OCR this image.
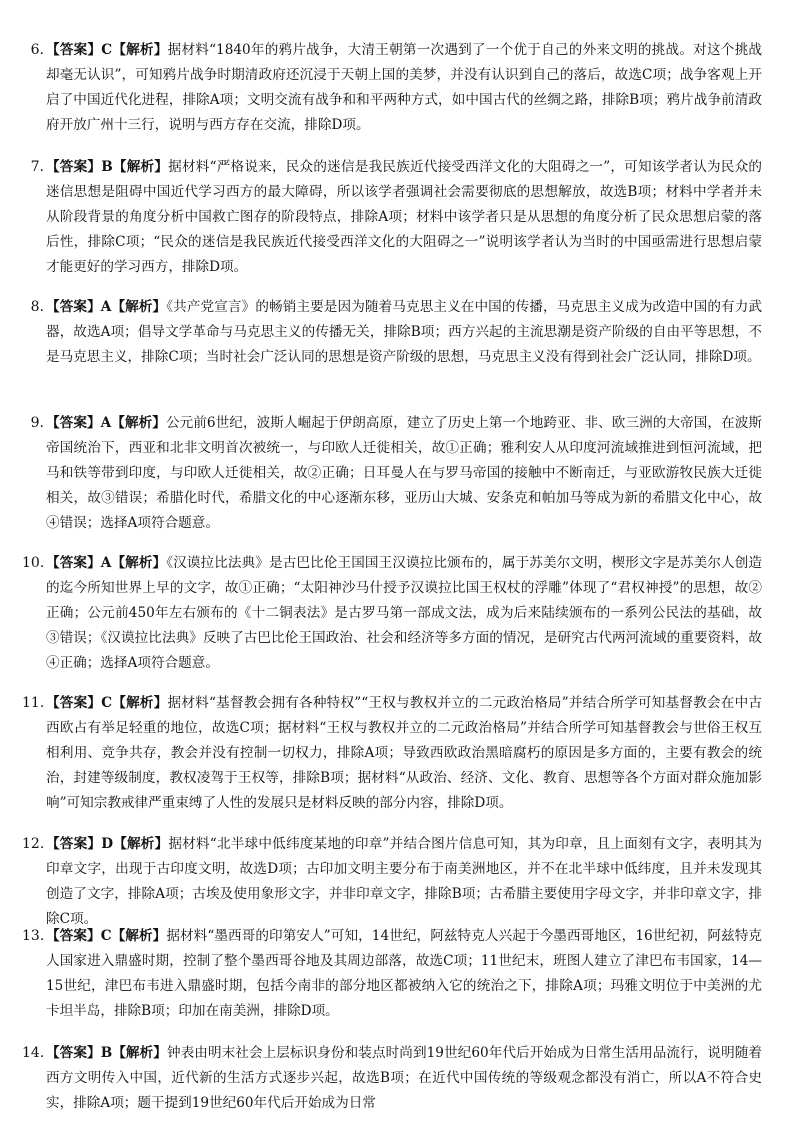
6. 【答案】C【解析】据材料“1840年的鸦片战争，大清王朝第一次遇到了一个优于自己的外来文明的挑战。对这个挑战却毫无认识”，可知鸦片战争时期清政府还沉浸于天朝上国的美梦，并没有认识到自己的落后，故选C项；战争客观上开启了中国近代化进程，排除A项；文明交流有战争和和平两种方式，如中国古代的丝绸之路，排除B项；鸦片战争前清政府开放广州十三行，说明与西方存在交流，排除D项。
7. 【答案】B【解析】据材料“严格说来，民众的迷信是我民族近代接受西洋文化的大阻碍之一”，可知该学者认为民众的迷信思想是阻碍中国近代学习西方的最大障碍，所以该学者强调社会需要彻底的思想解放，故选B项；材料中学者并未从阶段背景的角度分析中国救亡图存的阶段特点，排除A项；材料中该学者只是从思想的角度分析了民众思想启蒙的落后性，排除C项；“民众的迷信是我民族近代接受西洋文化的大阻碍之一”说明该学者认为当时的中国亟需进行思想启蒙才能更好的学习西方，排除D项。
8. 【答案】A【解析】《共产党宣言》的畅销主要是因为随着马克思主义在中国的传播，马克思主义成为改造中国的有力武器，故选A项；倡导文学革命与马克思主义的传播无关，排除B项；西方兴起的主流思潮是资产阶级的自由平等思想，不是马克思主义，排除C项；当时社会广泛认同的思想是资产阶级的思想，马克思主义没有得到社会广泛认同，排除D项。
9. 【答案】A【解析】公元前6世纪，波斯人崛起于伊朗高原，建立了历史上第一个地跨亚、非、欧三洲的大帝国，在波斯帝国统治下，西亚和北非文明首次被统一，与印欧人迁徙相关，故①正确；雅利安人从印度河流域推进到恒河流域，把马和铁等带到印度，与印欧人迁徙相关，故②正确；日耳曼人在与罗马帝国的接触中不断南迁，与亚欧游牧民族大迁徙相关，故③错误；希腊化时代，希腊文化的中心逐渐东移，亚历山大城、安条克和帕加马等成为新的希腊文化中心，故④错误；选择A项符合题意。
10. 【答案】A【解析】《汉谟拉比法典》是古巴比伦王国国王汉谟拉比颁布的，属于苏美尔文明，楔形文字是苏美尔人创造的迄今所知世界上早的文字，故①正确；“太阳神沙马什授予汉谟拉比国王权杖的浮雕”体现了“君权神授”的思想，故②正确；公元前450年左右颁布的《十二铜表法》是古罗马第一部成文法，成为后来陆续颁布的一系列公民法的基础，故③错误；《汉谟拉比法典》反映了古巴比伦王国政治、社会和经济等多方面的情况，是研究古代两河流域的重要资料，故④正确；选择A项符合题意。
11. 【答案】C【解析】据材料“基督教会拥有各种特权”“王权与教权并立的二元政治格局”并结合所学可知基督教会在中古西欧占有举足轻重的地位，故选C项；据材料“王权与教权并立的二元政治格局”并结合所学可知基督教会与世俗王权互相利用、竞争共存，教会并没有控制一切权力，排除A项；导致西欧政治黑暗腐朽的原因是多方面的，主要有教会的统治，封建等级制度，教权凌驾于王权等，排除B项；据材料“从政治、经济、文化、教育、思想等各个方面对群众施加影响”可知宗教戒律严重束缚了人性的发展只是材料反映的部分内容，排除D项。
12. 【答案】D【解析】据材料“北半球中低纬度某地的印章”并结合图片信息可知，其为印章，且上面刻有文字，表明其为印章文字，出现于古印度文明，故选D项；古印加文明主要分布于南美洲地区，并不在北半球中低纬度，且并未发现其创造了文字，排除A项；古埃及使用象形文字，并非印章文字，排除B项；古希腊主要使用字母文字，并非印章文字，排除C项。
13. 【答案】C【解析】据材料“墨西哥的印第安人”可知，14世纪，阿兹特克人兴起于今墨西哥地区，16世纪初，阿兹特克人国家进入鼎盛时期，控制了整个墨西哥谷地及其周边部落，故选C项；11世纪末，班图人建立了津巴布韦国家，14—15世纪，津巴布韦进入鼎盛时期，包括今南非的部分地区都被纳入它的统治之下，排除A项；玛雅文明位于中美洲的尤卡坦半岛，排除B项；印加在南美洲，排除D项。
14. 【答案】B【解析】钟表由明末社会上层标识身份和装点时尚到19世纪60年代后开始成为日常生活用品流行，说明随着西方文明传入中国，近代新的生活方式逐步兴起，故选B项；在近代中国传统的等级观念都没有消亡，所以A不符合史实，排除A项；题干提到19世纪60年代后开始成为日常
